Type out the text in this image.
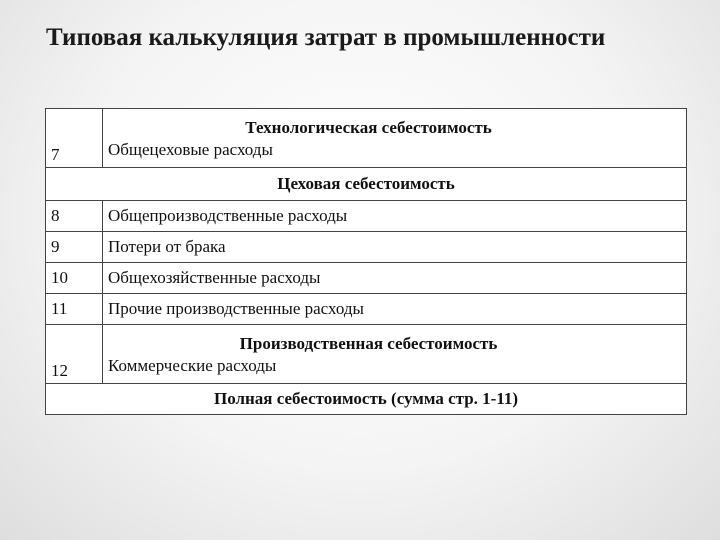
Типовая калькуляция затрат в промышленности
7	Технологическая себестоимость
Общецеховые расходы

Цеховая себестоимость	
8	Общепроизводственные расходы
9	Потери от брака
10	Общехозяйственные расходы
11	Прочие производственные расходы
12	Производственная себестоимость
Коммерческие расходы

Полная себестоимость (сумма стр. 1-11)	
